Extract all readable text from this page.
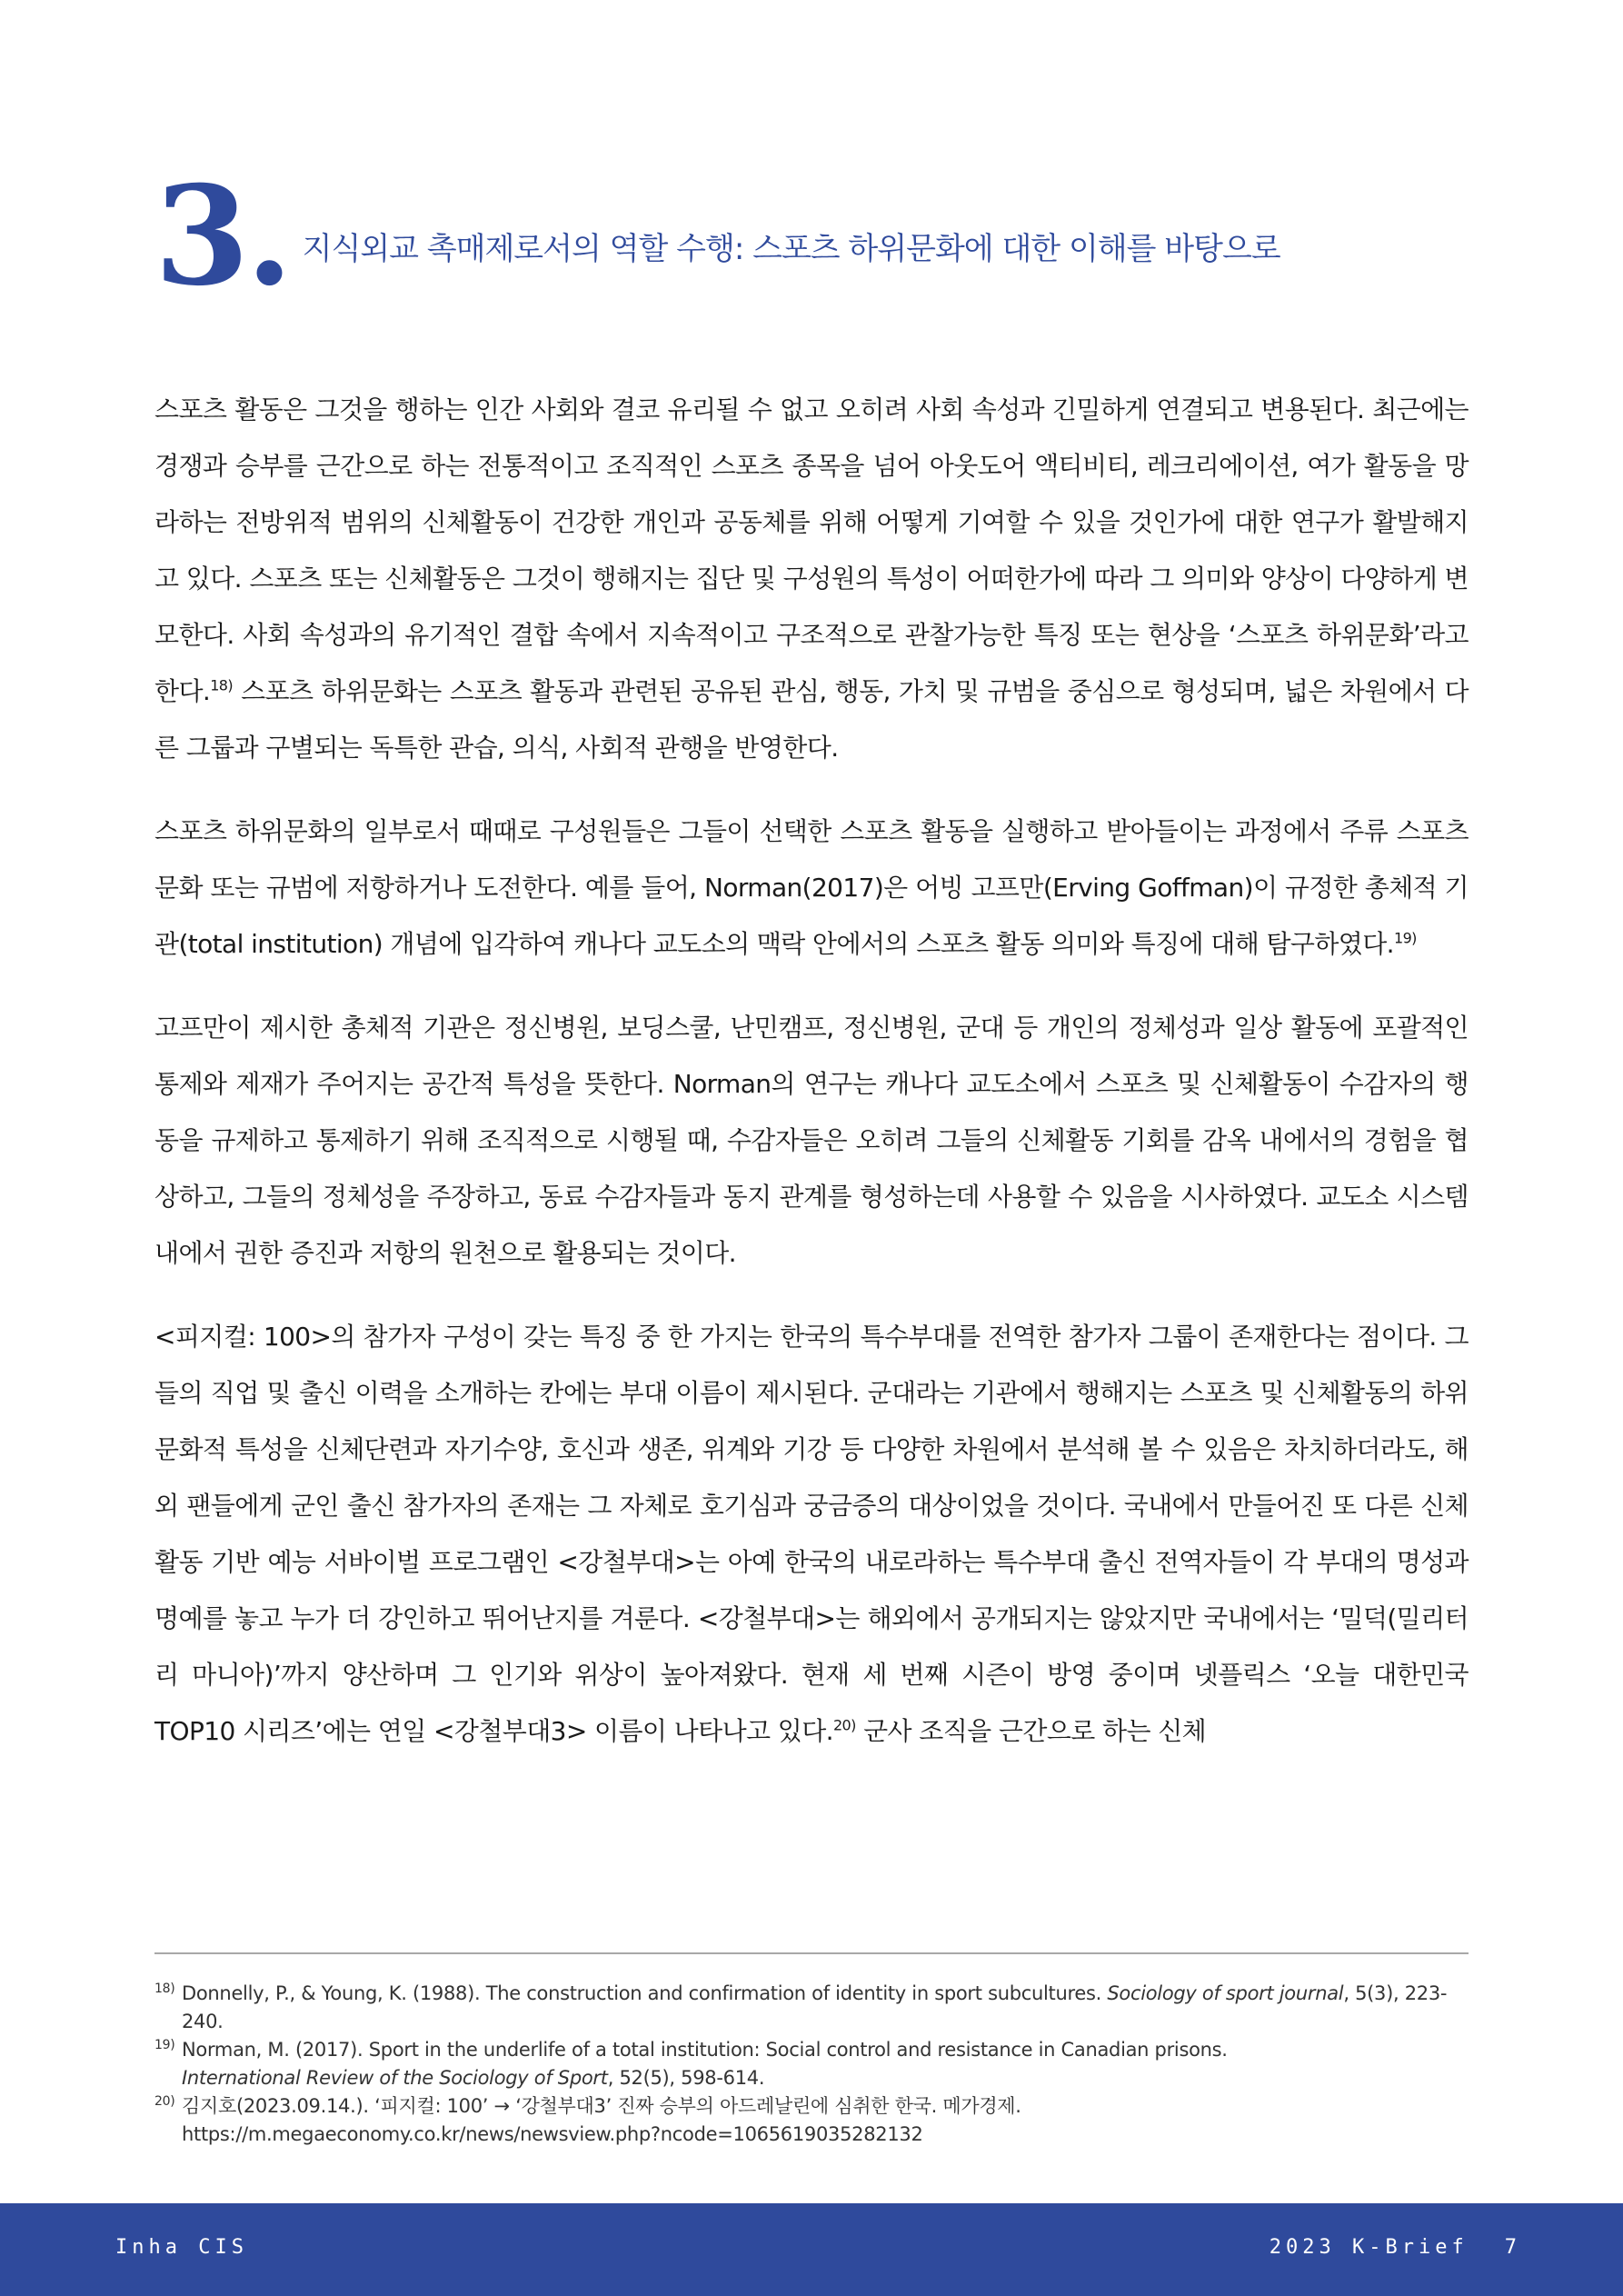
3. 지식외교 촉매제로서의 역할 수행: 스포츠 하위문화에 대한 이해를 바탕으로

스포츠 활동은 그것을 행하는 인간 사회와 결코 유리될 수 없고 오히려 사회 속성과 긴밀하게 연결되고 변용된다. 최근에는 경쟁과 승부를 근간으로 하는 전통적이고 조직적인 스포츠 종목을 넘어 아웃도어 액티비티, 레크리에이션, 여가 활동을 망라하는 전방위적 범위의 신체활동이 건강한 개인과 공동체를 위해 어떻게 기여할 수 있을 것인가에 대한 연구가 활발해지고 있다. 스포츠 또는 신체활동은 그것이 행해지는 집단 및 구성원의 특성이 어떠한가에 따라 그 의미와 양상이 다양하게 변모한다. 사회 속성과의 유기적인 결합 속에서 지속적이고 구조적으로 관찰가능한 특징 또는 현상을 ‘스포츠 하위문화’라고 한다.$^{18)}$ 스포츠 하위문화는 스포츠 활동과 관련된 공유된 관심, 행동, 가치 및 규범을 중심으로 형성되며, 넓은 차원에서 다른 그룹과 구별되는 독특한 관습, 의식, 사회적 관행을 반영한다.

스포츠 하위문화의 일부로서 때때로 구성원들은 그들이 선택한 스포츠 활동을 실행하고 받아들이는 과정에서 주류 스포츠 문화 또는 규범에 저항하거나 도전한다. 예를 들어, Norman(2017)은 어빙 고프만(Erving Goffman)이 규정한 총체적 기관(total institution) 개념에 입각하여 캐나다 교도소의 맥락 안에서의 스포츠 활동 의미와 특징에 대해 탐구하였다.$^{19)}$

고프만이 제시한 총체적 기관은 정신병원, 보딩스쿨, 난민캠프, 정신병원, 군대 등 개인의 정체성과 일상 활동에 포괄적인 통제와 제재가 주어지는 공간적 특성을 뜻한다. Norman의 연구는 캐나다 교도소에서 스포츠 및 신체활동이 수감자의 행동을 규제하고 통제하기 위해 조직적으로 시행될 때, 수감자들은 오히려 그들의 신체활동 기회를 감옥 내에서의 경험을 협상하고, 그들의 정체성을 주장하고, 동료 수감자들과 동지 관계를 형성하는데 사용할 수 있음을 시사하였다. 교도소 시스템 내에서 권한 증진과 저항의 원천으로 활용되는 것이다.

<피지컬: 100>의 참가자 구성이 갖는 특징 중 한 가지는 한국의 특수부대를 전역한 참가자 그룹이 존재한다는 점이다. 그들의 직업 및 출신 이력을 소개하는 칸에는 부대 이름이 제시된다. 군대라는 기관에서 행해지는 스포츠 및 신체활동의 하위문화적 특성을 신체단련과 자기수양, 호신과 생존, 위계와 기강 등 다양한 차원에서 분석해 볼 수 있음은 차치하더라도, 해외 팬들에게 군인 출신 참가자의 존재는 그 자체로 호기심과 궁금증의 대상이었을 것이다. 국내에서 만들어진 또 다른 신체활동 기반 예능 서바이벌 프로그램인 <강철부대>는 아예 한국의 내로라하는 특수부대 출신 전역자들이 각 부대의 명성과 명예를 놓고 누가 더 강인하고 뛰어난지를 겨룬다. <강철부대>는 해외에서 공개되지는 않았지만 국내에서는 ‘밀덕(밀리터리 마니아)’까지 양산하며 그 인기와 위상이 높아져왔다. 현재 세 번째 시즌이 방영 중이며 넷플릭스 ‘오늘 대한민국 TOP10 시리즈’에는 연일 <강철부대3> 이름이 나타나고 있다.$^{20)}$ 군사 조직을 근간으로 하는 신체

18) Donnelly, P., & Young, K. (1988). The construction and confirmation of identity in sport subcultures. Sociology of sport journal, 5(3), 223-240.
19) Norman, M. (2017). Sport in the underlife of a total institution: Social control and resistance in Canadian prisons.
International Review of the Sociology of Sport, 52(5), 598-614.
20) 김지호(2023.09.14.). ‘피지컬: 100’ → ‘강철부대3’ 진짜 승부의 아드레날린에 심취한 한국. 메가경제.
https://m.megaeconomy.co.kr/news/newsview.php?ncode=1065619035282132
Inha CIS	2023 K-Brief 7
